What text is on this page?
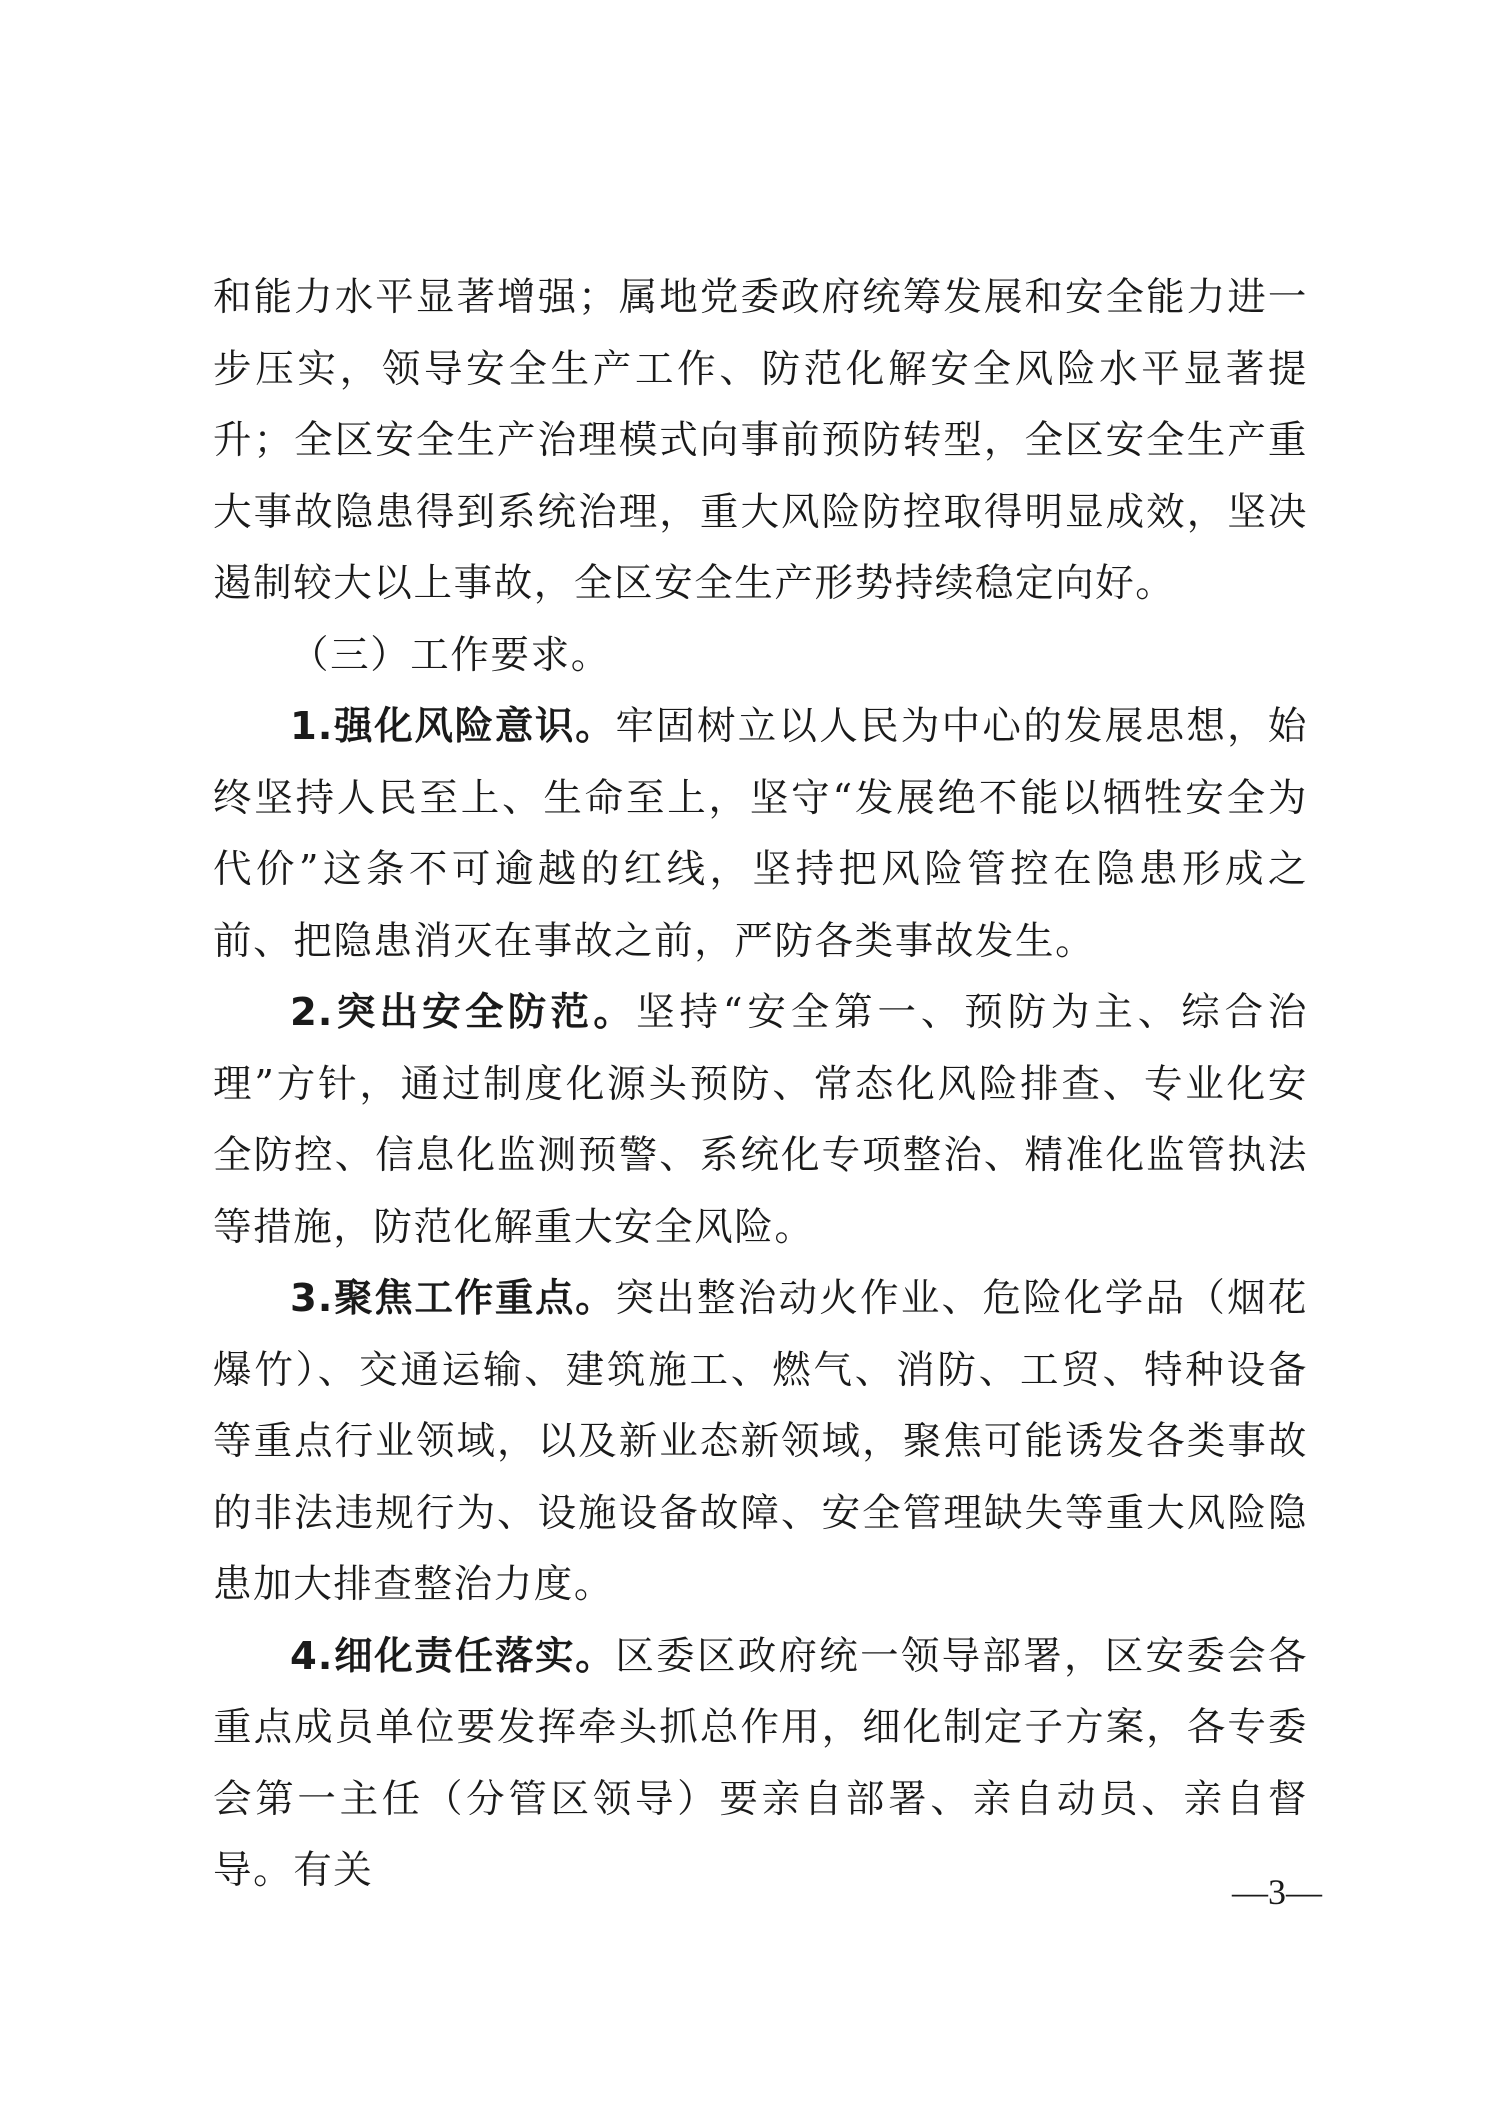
和能力水平显著增强；属地党委政府统筹发展和安全能力进一步压实，领导安全生产工作、防范化解安全风险水平显著提升；全区安全生产治理模式向事前预防转型，全区安全生产重大事故隐患得到系统治理，重大风险防控取得明显成效，坚决遏制较大以上事故，全区安全生产形势持续稳定向好。

（三）工作要求。

1.强化风险意识。牢固树立以人民为中心的发展思想，始终坚持人民至上、生命至上，坚守“发展绝不能以牺牲安全为代价”这条不可逾越的红线，坚持把风险管控在隐患形成之前、把隐患消灭在事故之前，严防各类事故发生。

2.突出安全防范。坚持“安全第一、预防为主、综合治理”方针，通过制度化源头预防、常态化风险排查、专业化安全防控、信息化监测预警、系统化专项整治、精准化监管执法等措施，防范化解重大安全风险。

3.聚焦工作重点。突出整治动火作业、危险化学品（烟花爆竹）、交通运输、建筑施工、燃气、消防、工贸、特种设备等重点行业领域，以及新业态新领域，聚焦可能诱发各类事故的非法违规行为、设施设备故障、安全管理缺失等重大风险隐患加大排查整治力度。

4.细化责任落实。区委区政府统一领导部署，区安委会各重点成员单位要发挥牵头抓总作用，细化制定子方案，各专委会第一主任（分管区领导）要亲自部署、亲自动员、亲自督导。有关	—3—
